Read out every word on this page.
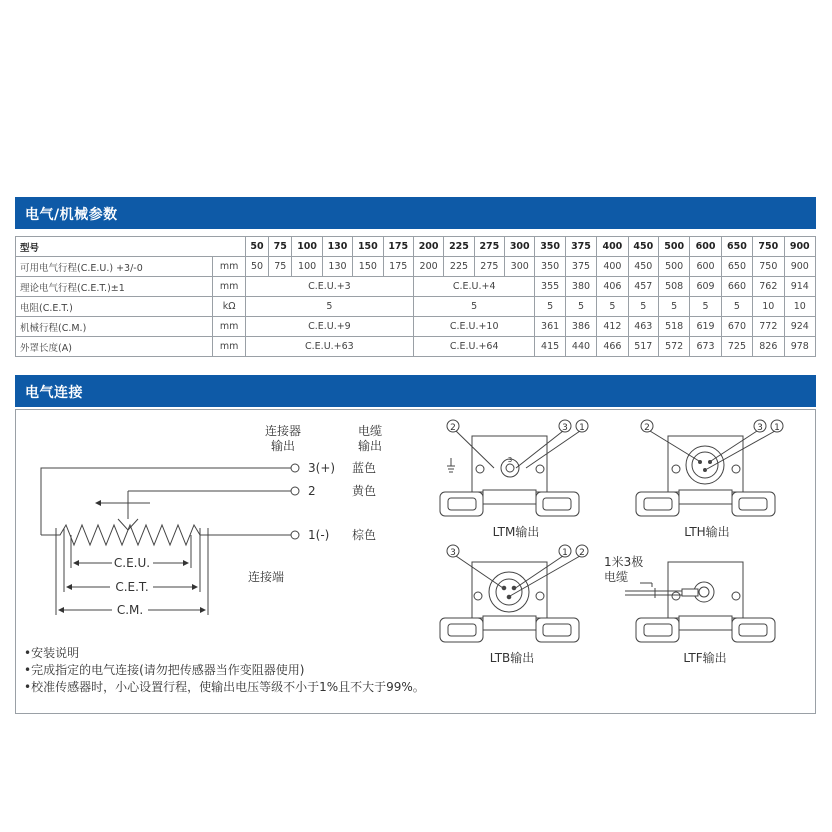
电气/机械参数
型号		50	75	100	130	150	175	200	225	275	300	350	375	400	450	500	600	650	750	900
可用电气行程(C.E.U.) +3/-0	mm	50	75	100	130	150	175	200	225	275	300	350	375	400	450	500	600	650	750	900
理论电气行程(C.E.T.)±1	mm	C.E.U.+3						C.E.U.+4				355	380	406	457	508	609	660	762	914
电阻(C.E.T.)	kΩ	5						5				5	5	5	5	5	5	5	10	10
机械行程(C.M.)	mm	C.E.U.+9						C.E.U.+10				361	386	412	463	518	619	670	772	924
外罩长度(A)	mm	C.E.U.+63						C.E.U.+64				415	440	466	517	572	673	725	826	978
电气连接
连接器
输出
电缆
输出
3(+) 蓝色
2	黄色
1(-) 棕色
C.E.U.
C.E.T.
C.M.
连接端
3
2	3 1
LTM输出
2	3 1
LTH输出
3	1 2
LTB输出
1米3极
电缆
LTF输出
•安装说明
•完成指定的电气连接(请勿把传感器当作变阻器使用)
•校准传感器时，小心设置行程，使输出电压等级不小于1%且不大于99%。
